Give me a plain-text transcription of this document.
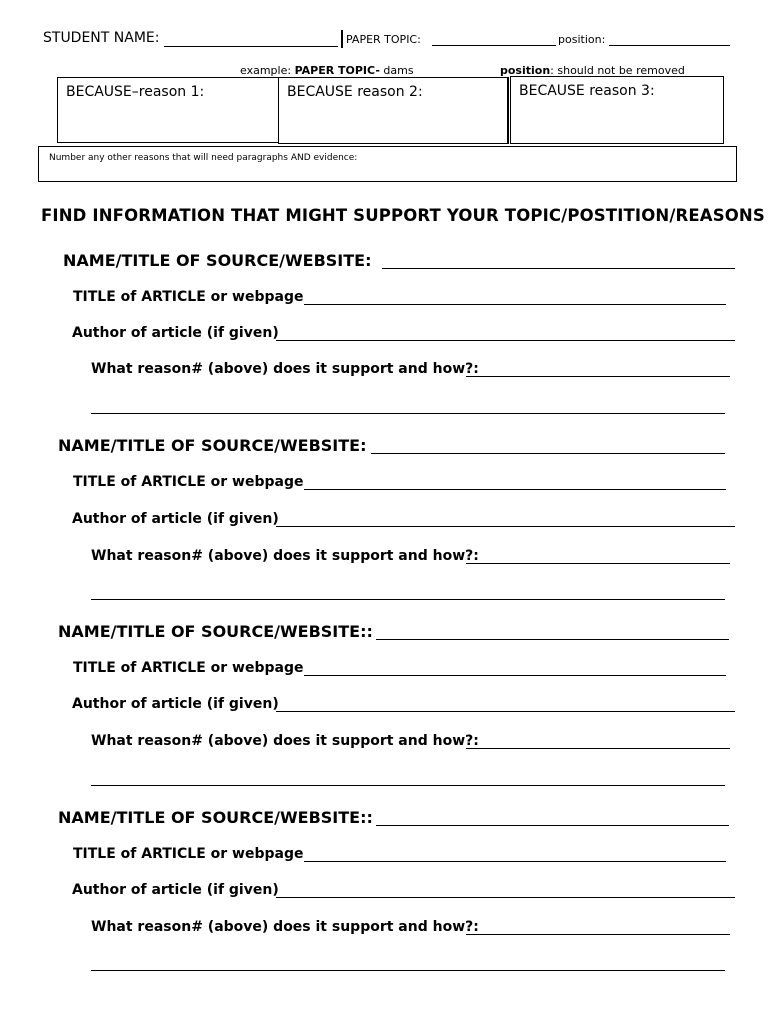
STUDENT NAME:	PAPER TOPIC:	position:
example: PAPER TOPIC- dams	position: should not be removed
BECAUSE–reason 1:	BECAUSE reason 2:	BECAUSE reason 3:
Number any other reasons that will need paragraphs AND evidence:
FIND INFORMATION THAT MIGHT SUPPORT YOUR TOPIC/POSTITION/REASONS
NAME/TITLE OF SOURCE/WEBSITE:
TITLE of ARTICLE or webpage
Author of article (if given)
What reason# (above) does it support and how?:
NAME/TITLE OF SOURCE/WEBSITE:
TITLE of ARTICLE or webpage
Author of article (if given)
What reason# (above) does it support and how?:
NAME/TITLE OF SOURCE/WEBSITE::
TITLE of ARTICLE or webpage
Author of article (if given)
What reason# (above) does it support and how?:
NAME/TITLE OF SOURCE/WEBSITE::
TITLE of ARTICLE or webpage
Author of article (if given)
What reason# (above) does it support and how?:
